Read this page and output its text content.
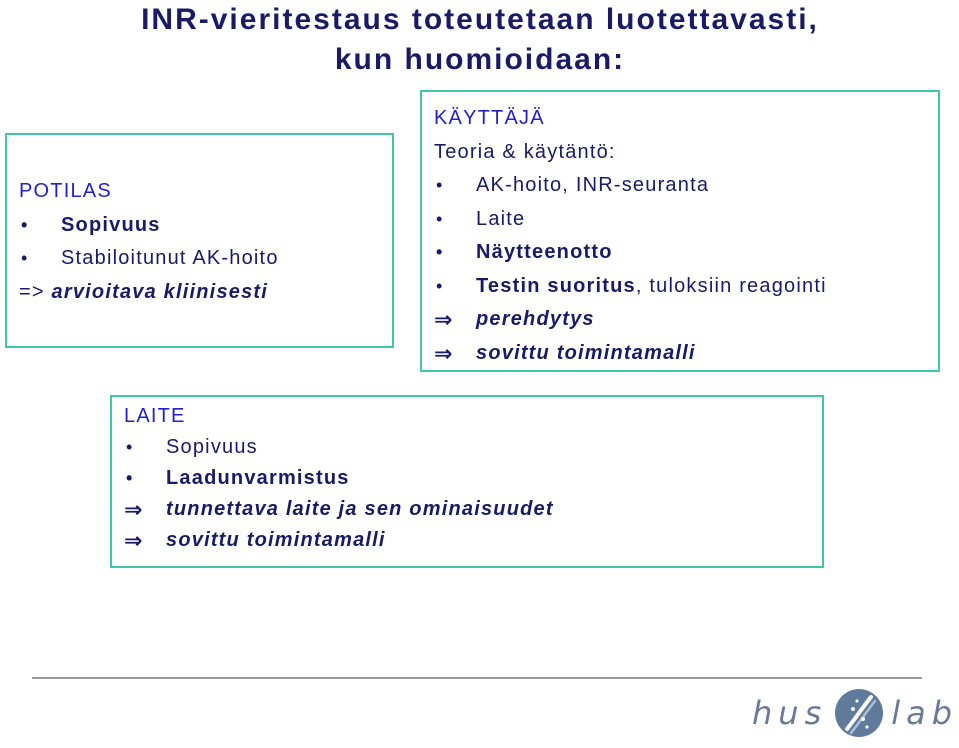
INR-vieritestaus toteutetaan luotettavasti,
kun huomioidaan:
POTILAS
• Sopivuus
• Stabiloitunut AK-hoito
=> arvioitava kliinisesti
KÄYTTÄJÄ
Teoria & käytäntö:
• AK-hoito, INR-seuranta
• Laite
• Näytteenotto
• Testin suoritus, tuloksiin reagointi
⇒ perehdytys
⇒ sovittu toimintamalli
LAITE
• Sopivuus
• Laadunvarmistus
⇒ tunnettava laite ja sen ominaisuudet
⇒ sovittu toimintamalli
hus lab
